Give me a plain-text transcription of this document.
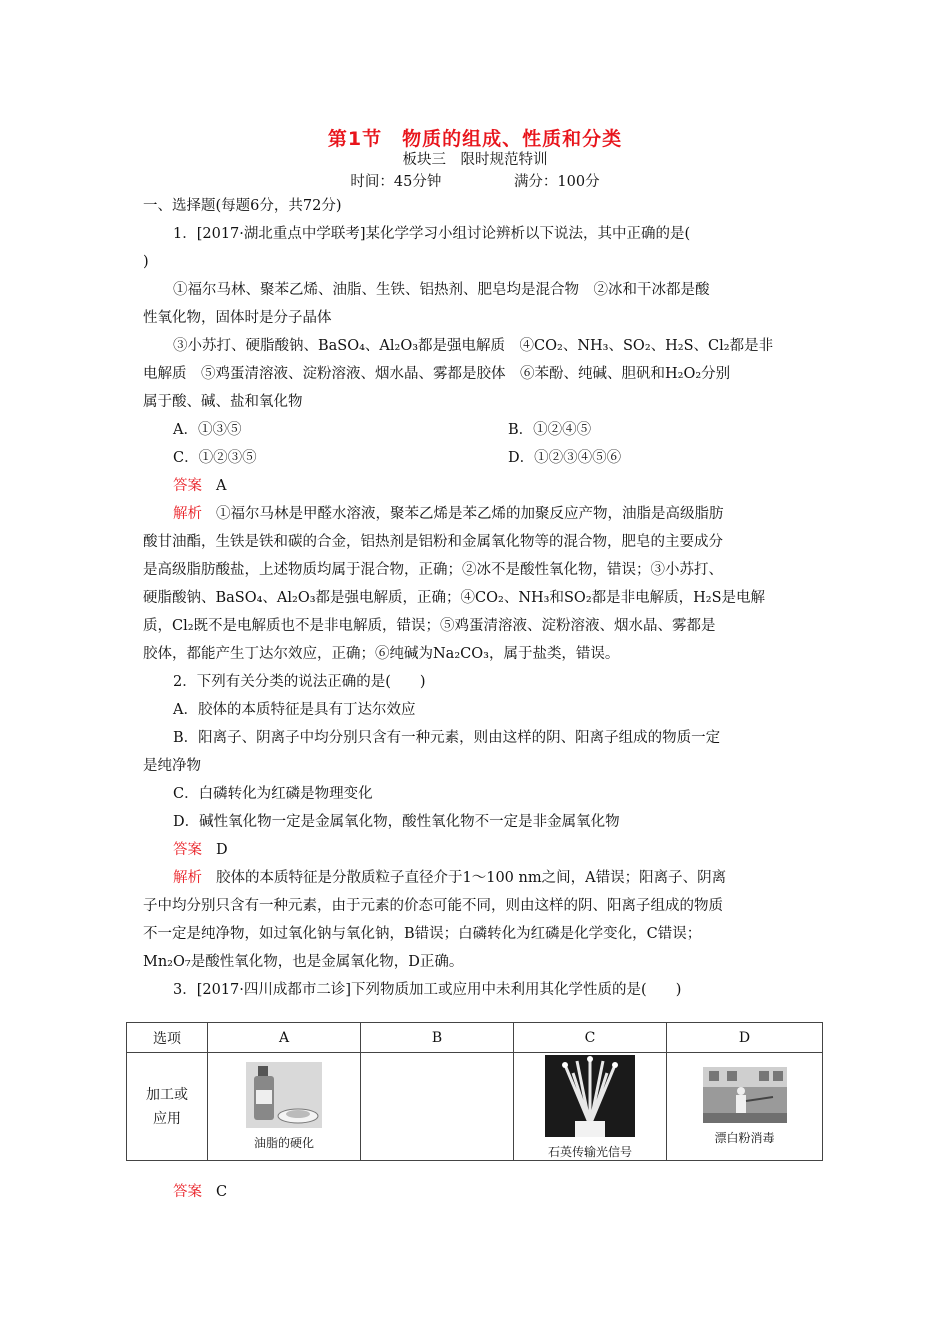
第1节　物质的组成、性质和分类
板块三　限时规范特训
时间：45分钟	满分：100分
一、选择题(每题6分，共72分)
1．[2017·湖北重点中学联考]某化学学习小组讨论辨析以下说法，其中正确的是(
)
①福尔马林、聚苯乙烯、油脂、生铁、铝热剂、肥皂均是混合物　②冰和干冰都是酸
性氧化物，固体时是分子晶体
③小苏打、硬脂酸钠、BaSO₄、Al₂O₃都是强电解质　④CO₂、NH₃、SO₂、H₂S、Cl₂都是非
电解质　⑤鸡蛋清溶液、淀粉溶液、烟水晶、雾都是胶体　⑥苯酚、纯碱、胆矾和H₂O₂分别
属于酸、碱、盐和氧化物
A．①③⑤	B．①②④⑤
C．①②③⑤	D．①②③④⑤⑥
答案 A
解析 ①福尔马林是甲醛水溶液，聚苯乙烯是苯乙烯的加聚反应产物，油脂是高级脂肪
酸甘油酯，生铁是铁和碳的合金，铝热剂是铝粉和金属氧化物等的混合物，肥皂的主要成分
是高级脂肪酸盐，上述物质均属于混合物，正确；②冰不是酸性氧化物，错误；③小苏打、
硬脂酸钠、BaSO₄、Al₂O₃都是强电解质，正确；④CO₂、NH₃和SO₂都是非电解质，H₂S是电解
质，Cl₂既不是电解质也不是非电解质，错误；⑤鸡蛋清溶液、淀粉溶液、烟水晶、雾都是
胶体，都能产生丁达尔效应，正确；⑥纯碱为Na₂CO₃，属于盐类，错误。
2．下列有关分类的说法正确的是(　　)
A．胶体的本质特征是具有丁达尔效应
B．阳离子、阴离子中均分别只含有一种元素，则由这样的阴、阳离子组成的物质一定
是纯净物
C．白磷转化为红磷是物理变化
D．碱性氧化物一定是金属氧化物，酸性氧化物不一定是非金属氧化物
答案 D
解析 胶体的本质特征是分散质粒子直径介于1～100 nm之间，A错误；阳离子、阴离
子中均分别只含有一种元素，由于元素的价态可能不同，则由这样的阴、阳离子组成的物质
不一定是纯净物，如过氧化钠与氧化钠，B错误；白磷转化为红磷是化学变化，C错误；
Mn₂O₇是酸性氧化物，也是金属氧化物，D正确。
3．[2017·四川成都市二诊]下列物质加工或应用中未利用其化学性质的是(　　)
选项	A	B	C	D
加工或
应用	油脂的硬化		石英传输光信号	漂白粉消毒
答案 C
